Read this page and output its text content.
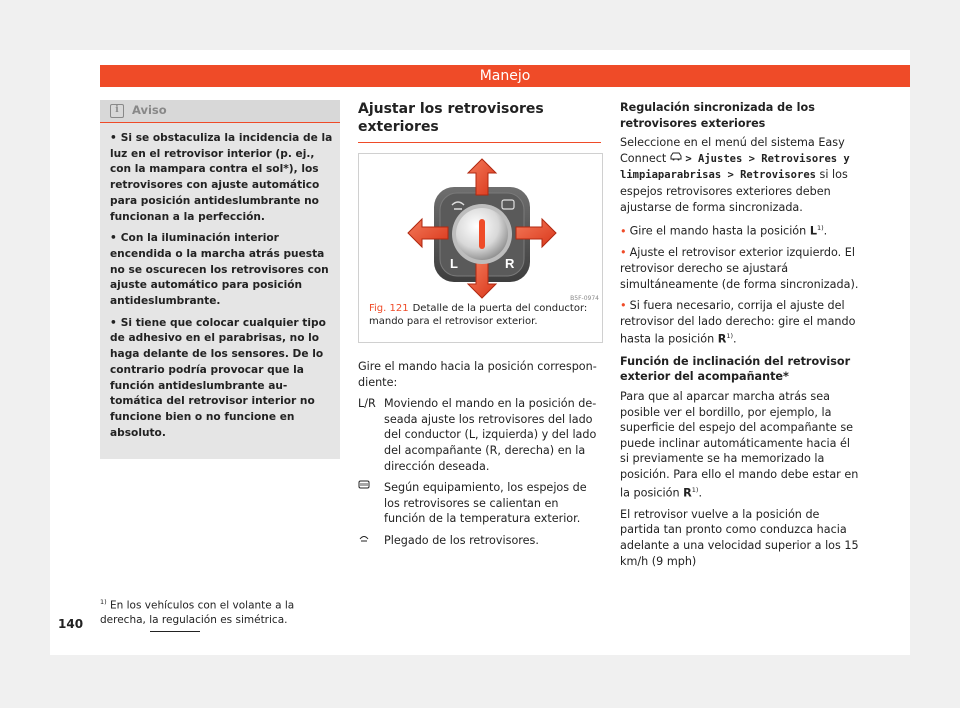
Manejo
i	Aviso
• Si se obstaculiza la incidencia de la luz en el retrovisor interior (p. ej., con la mampara contra el sol*), los retrovisores con ajuste automático para posición antideslumbrante no funcionan a la perfección.
• Con la iluminación interior encendida o la marcha atrás puesta no se oscurecen los retrovisores con ajuste automático para posición antideslumbrante.
• Si tiene que colocar cualquier tipo de adhesivo en el parabrisas, no lo haga delante de los sensores. De lo contrario podría provocar que la función antideslumbrante automática del retrovisor interior no funcione bien o no funcione en absoluto.
Ajustar los retrovisores exteriores
L	R
B5F-0974
Fig. 121 Detalle de la puerta del conductor: mando para el retrovisor exterior.

Gire el mando hacia la posición correspondiente:

L/R Moviendo el mando en la posición deseada ajuste los retrovisores del lado del conductor (L, izquierda) y del lado del acompañante (R, derecha) en la dirección deseada.
Según equipamiento, los espejos de los retrovisores se calientan en función de la temperatura exterior.
Plegado de los retrovisores.
Regulación sincronizada de los retrovisores exteriores

Seleccione en el menú del sistema Easy Connect > Ajustes > Retrovisores y limpiaparabrisas > Retrovisores si los espejos retrovisores exteriores deben ajustarse de forma sincronizada.

• Gire el mando hasta la posición $L^{1)}$.

• Ajuste el retrovisor exterior izquierdo. El retrovisor derecho se ajustará simultáneamente (de forma sincronizada).

• Si fuera necesario, corrija el ajuste del retrovisor del lado derecho: gire el mando hasta la posición $R^{1)}$.

Función de inclinación del retrovisor exterior del acompañante*

Para que al aparcar marcha atrás sea posible ver el bordillo, por ejemplo, la superficie del espejo del acompañante se puede inclinar automáticamente hacia él si previamente se ha memorizado la posición. Para ello el mando debe estar en la posición $R^{1)}$.

El retrovisor vuelve a la posición de partida tan pronto como conduzca hacia adelante a una velocidad superior a los 15 km/h (9 mph)

$^{1)}$ En los vehículos con el volante a la derecha, la regulación es simétrica.
140
